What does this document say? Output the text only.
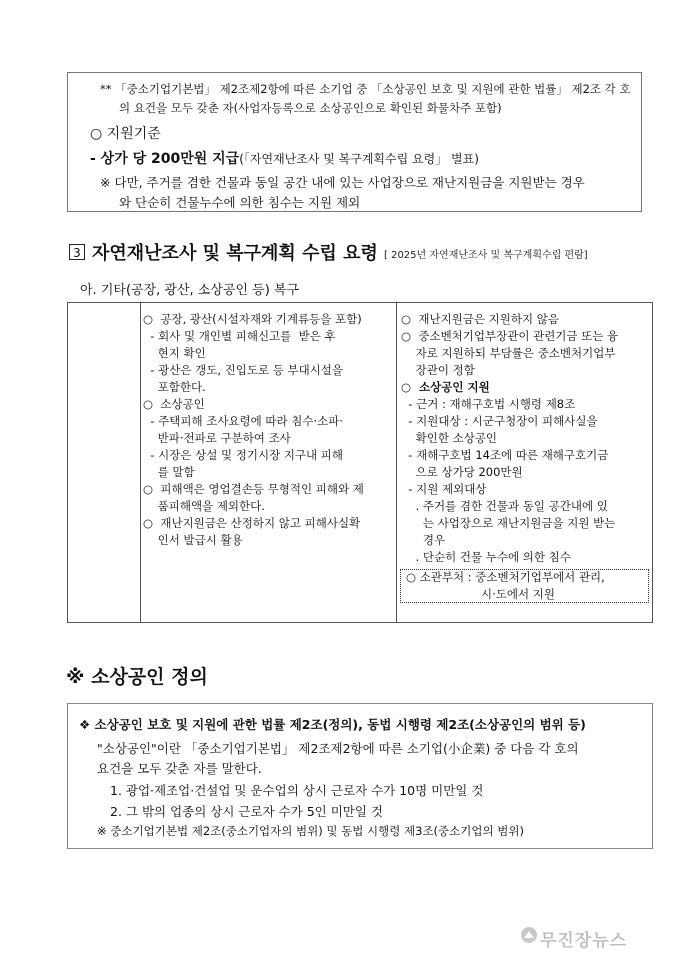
** 「중소기업기본법」 제2조제2항에 따른 소기업 중 「소상공인 보호 및 지원에 관한 법률」 제2조 각 호
의 요건을 모두 갖춘 자(사업자등록으로 소상공인으로 확인된 화물차주 포함)
○ 지원기준
- 상가 당 200만원 지급(「자연재난조사 및 복구계획수립 요령」 별표)
※ 다만, 주거를 겸한 건물과 동일 공간 내에 있는 사업장으로 재난지원금을 지원받는 경우
와 단순히 건물누수에 의한 침수는 지원 제외
3 자연재난조사 및 복구계획 수립 요령 [ 2025년 자연재난조사 및 복구계획수립 편람]
아. 기타(공장, 광산, 소상공인 등) 복구
○  공장, 광산(시설자재와 기계류등을 포함)
- 회사 및 개인별 피해신고를  받은 후
현지 확인
- 광산은 갱도, 진입도로 등 부대시설을
포함한다.
○  소상공인
- 주택피해 조사요령에 따라 침수·소파·
반파·전파로 구분하여 조사
- 시장은 상설 및 정기시장 지구내 피해
를 말함
○  피해액은 영업결손등 무형적인 피해와 제
품피해액을 제외한다.
○  재난지원금은 산정하지 않고 피해사실확
인서 발급시 활용
○  재난지원금은 지원하지 않음
○  중소벤처기업부장관이 관련기금 또는 융
자로 지원하되 부담률은 중소벤처기업부
장관이 정함
○  소상공인 지원
- 근거 : 재해구호법 시행령 제8조
- 지원대상 : 시군구청장이 피해사실을
확인한 소상공인
- 재해구호법 14조에 따른 재해구호기금
으로 상가당 200만원
- 지원 제외대상
. 주거를 겸한 건물과 동일 공간내에 있
는 사업장으로 재난지원금을 지원 받는
경우
. 단순히 건물 누수에 의한 침수
○ 소관부처 : 중소벤처기업부에서 관리,
시·도에서 지원
※ 소상공인 정의
❖ 소상공인 보호 및 지원에 관한 법률 제2조(정의), 동법 시행령 제2조(소상공인의 범위 등)
"소상공인"이란 「중소기업기본법」 제2조제2항에 따른 소기업(小企業) 중 다음 각 호의
요건을 모두 갖춘 자를 말한다.
1. 광업·제조업·건설업 및 운수업의 상시 근로자 수가 10명 미만일 것
2. 그 밖의 업종의 상시 근로자 수가 5인 미만일 것
※ 중소기업기본법 제2조(중소기업자의 범위) 및 동법 시행령 제3조(중소기업의 범위)
무진장뉴스
